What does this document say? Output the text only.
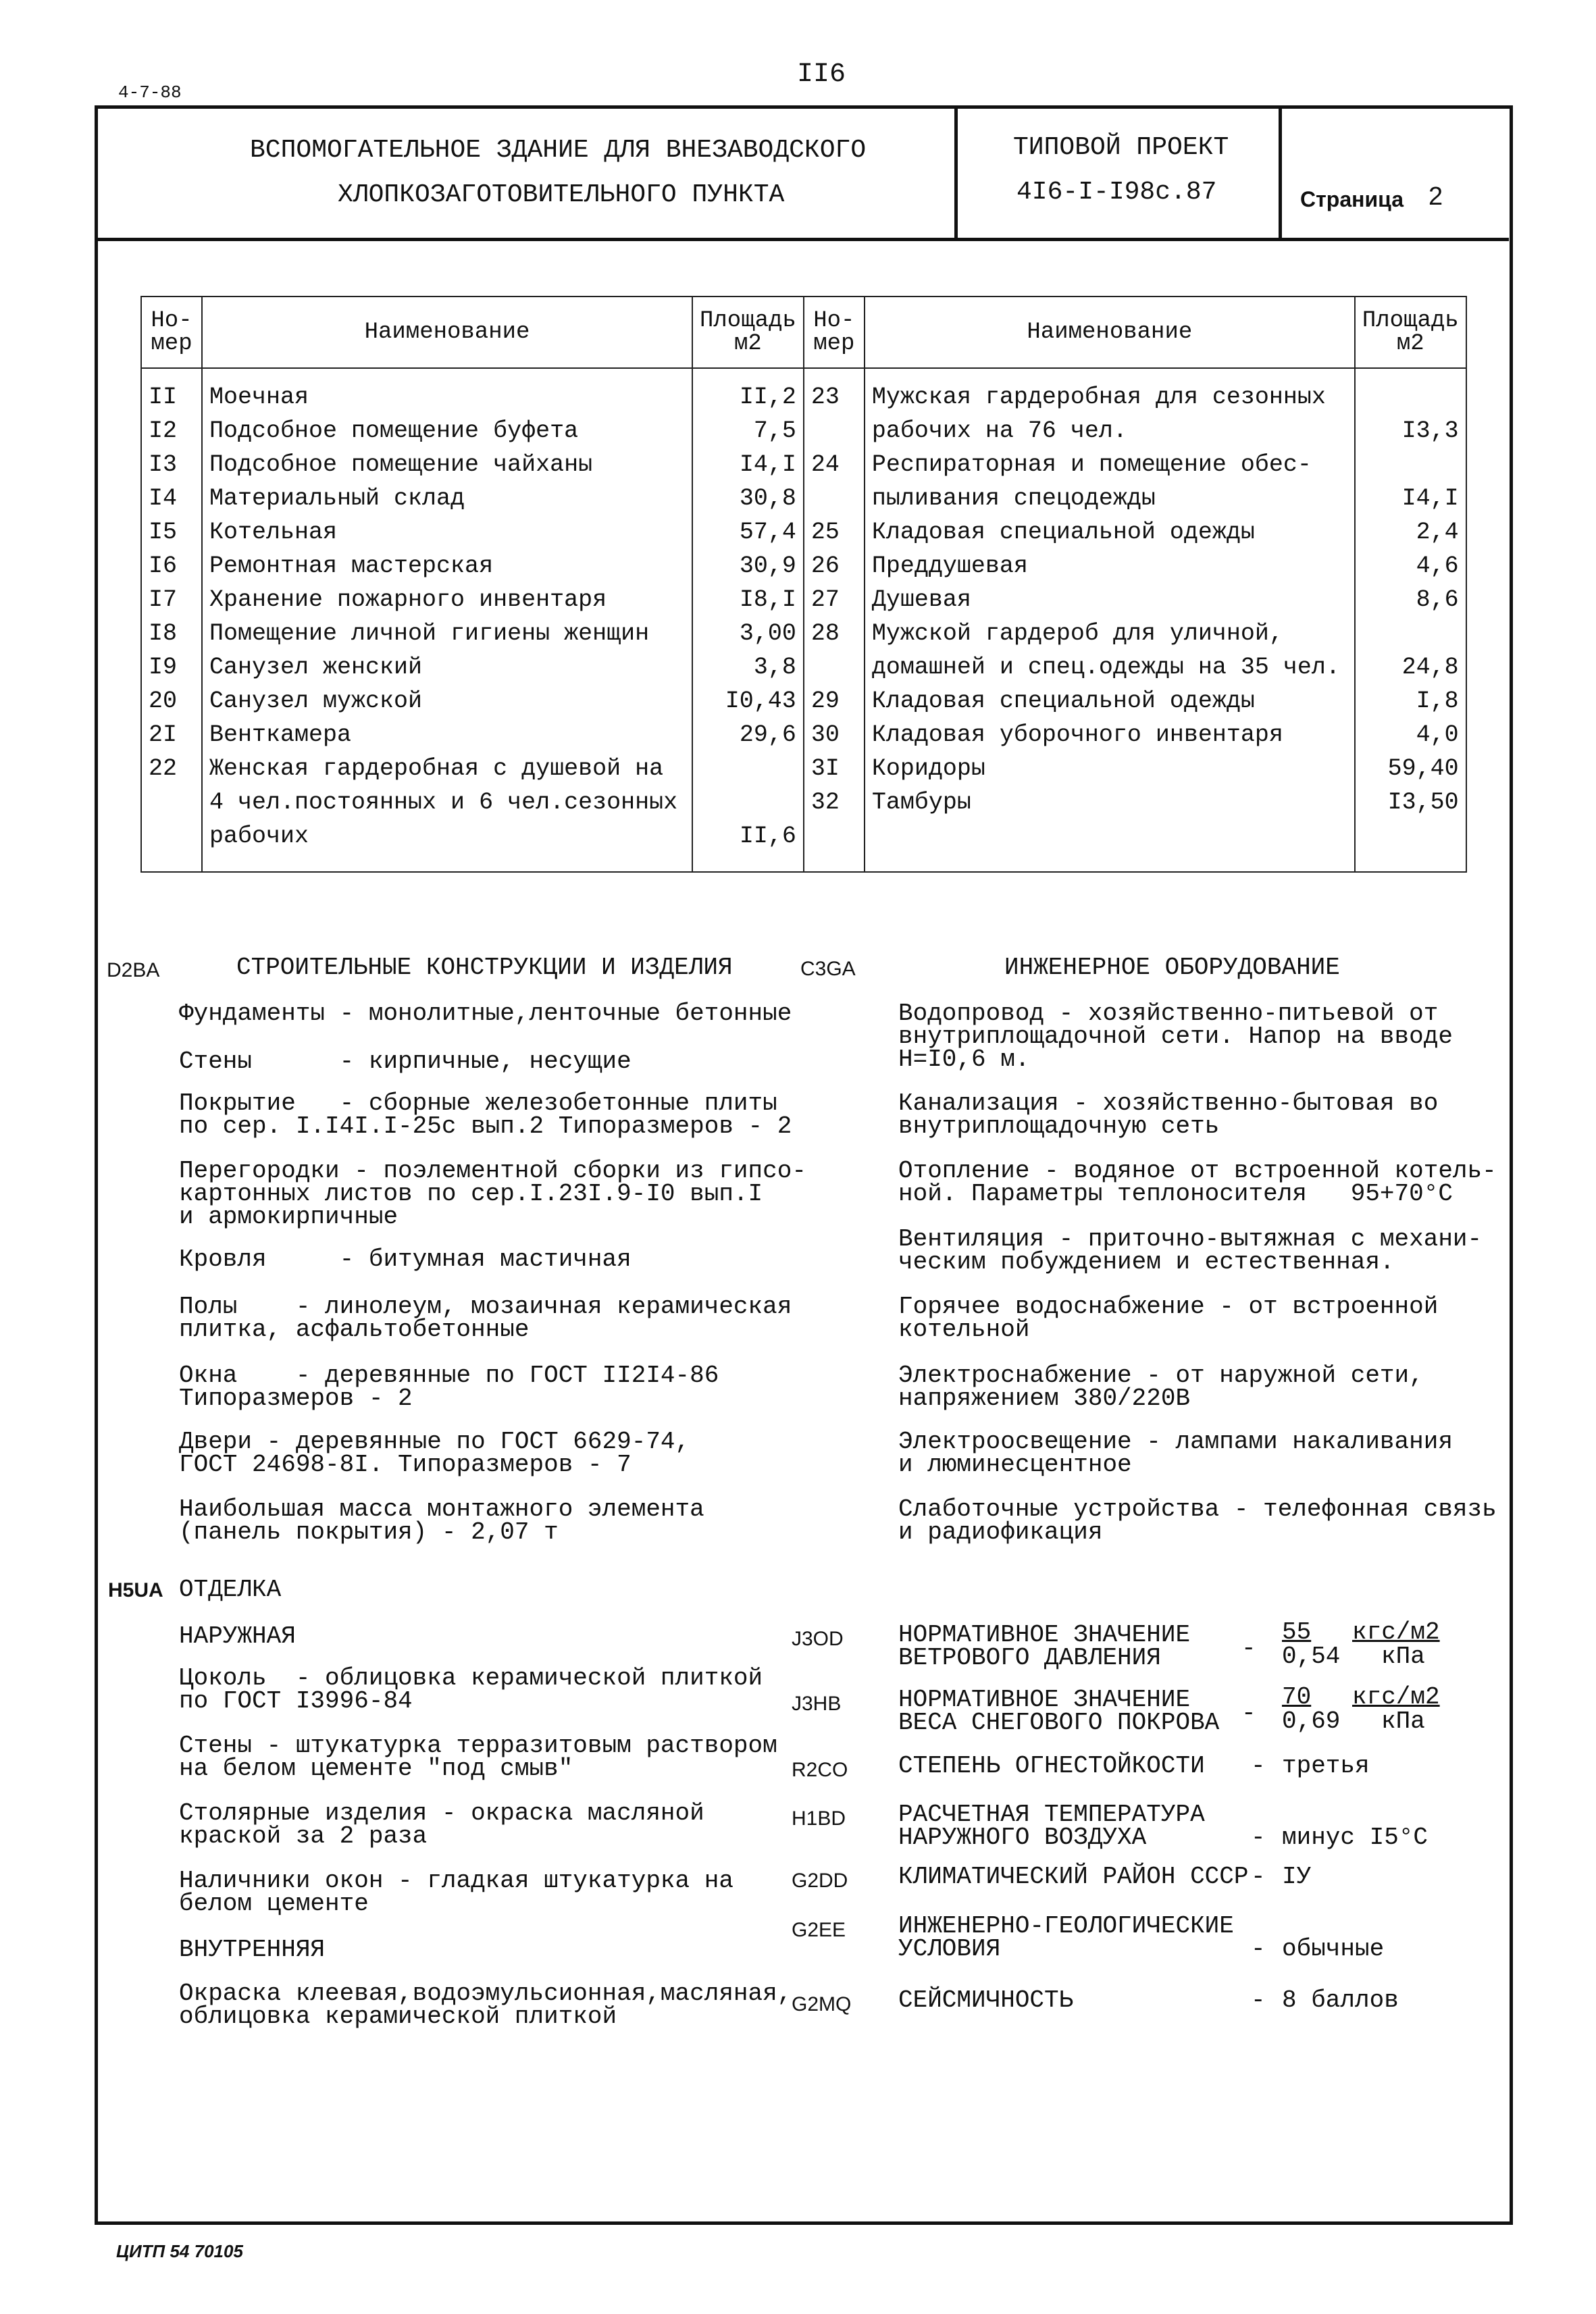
4-7-88
II6
ВСПОМОГАТЕЛЬНОЕ ЗДАНИЕ ДЛЯ ВНЕЗАВОДСКОГО
ХЛОПКОЗАГОТОВИТЕЛЬНОГО ПУНКТА
ТИПОВОЙ ПРОЕКТ
4I6-I-I98с.87	Страница 2
Но-
мер	Наименование	Площадь
м2	Но-
мер	Наименование	Площадь
м2

II	Моечная	II,2	23	Мужская гардеробная для сезонных	
I2	Подсобное помещение буфета	7,5		рабочих на 76 чел.	I3,3
I3	Подсобное помещение чайханы	I4,I	24	Респираторная и помещение обес-	
I4	Материальный склад	30,8		пыливания спецодежды	I4,I
I5	Котельная	57,4	25	Кладовая специальной одежды	2,4
I6	Ремонтная мастерская	30,9	26	Преддушевая	4,6
I7	Хранение пожарного инвентаря	I8,I	27	Душевая	8,6
I8	Помещение личной гигиены женщин	3,00	28	Мужской гардероб для уличной,	
I9	Санузел женский	3,8		домашней и спец.одежды на 35 чел.	24,8
20	Санузел мужской	I0,43	29	Кладовая специальной одежды	I,8
2I	Венткамера	29,6	30	Кладовая уборочного инвентаря	4,0
22	Женская гардеробная с душевой на		3I	Коридоры	59,40
	4 чел.постоянных и 6 чел.сезонных		32	Тамбуры	I3,50
	рабочих	II,6			

D2BA	СТРОИТЕЛЬНЫЕ КОНСТРУКЦИИ И ИЗДЕЛИЯ
Фундаменты - монолитные,ленточные бетонные
Стены      - кирпичные, несущие
Покрытие   - сборные железобетонные плиты
по сер. I.I4I.I-25с вып.2 Типоразмеров - 2
Перегородки - поэлементной сборки из гипсо-
картонных листов по сер.I.23I.9-I0 вып.I
и армокирпичные
Кровля     - битумная мастичная
Полы    - линолеум, мозаичная керамическая
плитка, асфальтобетонные
Окна    - деревянные по ГОСТ II2I4-86
Типоразмеров - 2
Двери - деревянные по ГОСТ 6629-74,
ГОСТ 24698-8I. Типоразмеров - 7
Наибольшая масса монтажного элемента
(панель покрытия) - 2,07 т
C3GA	ИНЖЕНЕРНОЕ ОБОРУДОВАНИЕ
Водопровод - хозяйственно-питьевой от
внутриплощадочной сети. Напор на вводе
Н=I0,6 м.
Канализация - хозяйственно-бытовая во
внутриплощадочную сеть
Отопление - водяное от встроенной котель-
ной. Параметры теплоносителя   95+70°С
Вентиляция - приточно-вытяжная с механи-
ческим побуждением и естественная.
Горячее водоснабжение - от встроенной
котельной
Электроснабжение - от наружной сети,
напряжением 380/220В
Электроосвещение - лампами накаливания
и люминесцентное
Слаботочные устройства - телефонная связь
и радиофикация
H5UA ОТДЕЛКА
НАРУЖНАЯ
Цоколь  - облицовка керамической плиткой
по ГОСТ I3996-84
Стены - штукатурка терразитовым раствором
на белом цементе "под смыв"
Столярные изделия - окраска масляной
краской за 2 раза
Наличники окон - гладкая штукатурка на
белом цементе
ВНУТРЕННЯЯ
Окраска клеевая,водоэмульсионная,масляная,
облицовка керамической плиткой
J3OD НОРМАТИВНОЕ ЗНАЧЕНИЕ
ВЕТРОВОГО ДАВЛЕНИЯ	-
55 кгс/м2
0,54 кПа
J3HB НОРМАТИВНОЕ ЗНАЧЕНИЕ
ВЕСА СНЕГОВОГО ПОКРОВА -
70 кгс/м2
0,69 кПа
R2CO СТЕПЕНЬ ОГНЕСТОЙКОСТИ - третья
H1BD РАСЧЕТНАЯ ТЕМПЕРАТУРА
НАРУЖНОГО ВОЗДУХА	- минус I5°С
G2DD КЛИМАТИЧЕСКИЙ РАЙОН СССР - IУ
G2EE ИНЖЕНЕРНО-ГЕОЛОГИЧЕСКИЕ
УСЛОВИЯ	- обычные
G2MQ СЕЙСМИЧНОСТЬ	- 8 баллов
ЦИТП 54 70105
